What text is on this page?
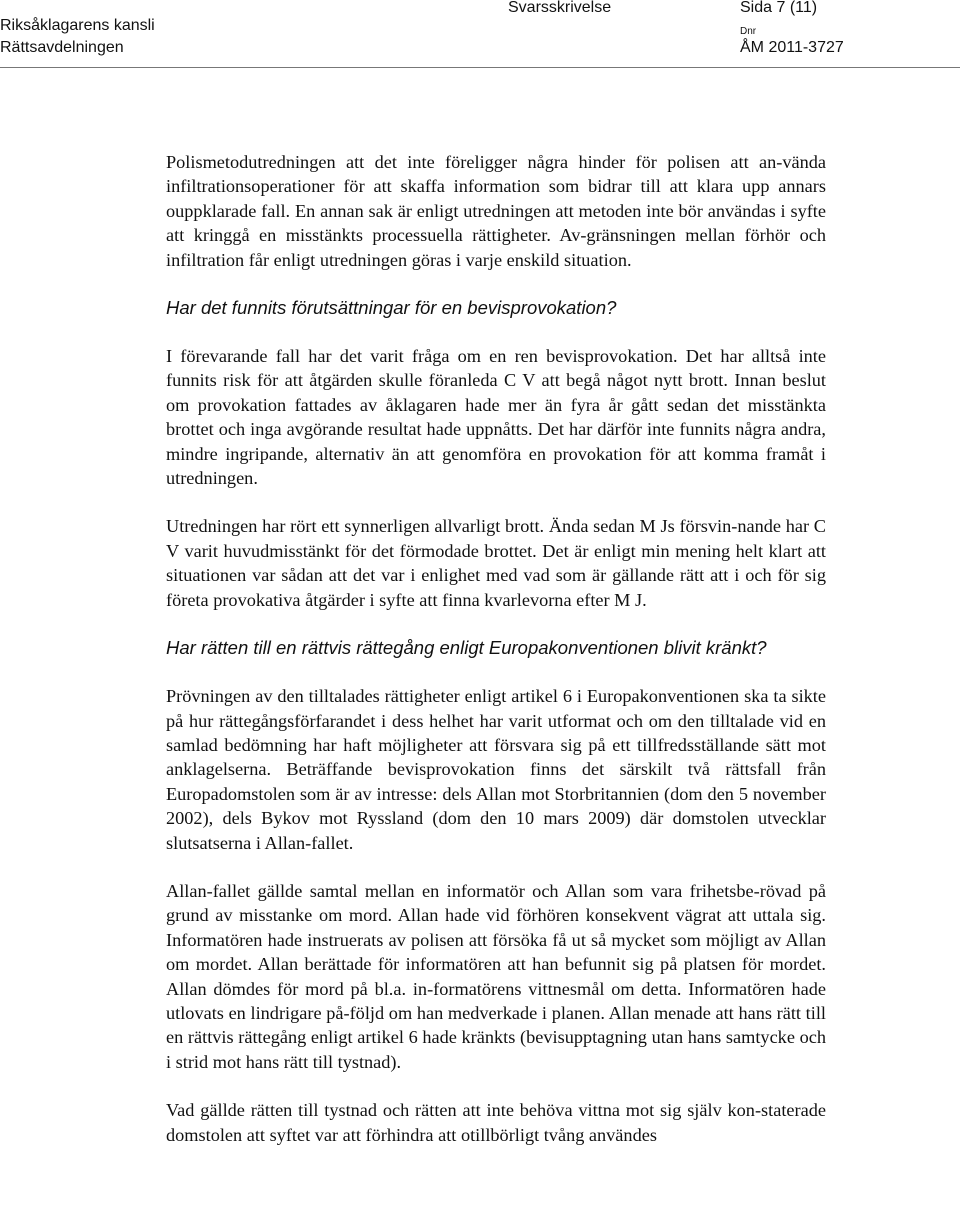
Riksåklagarens kansli
Rättsavdelningen
Svarsskrivelse	Sida 7 (11)
Dnr
ÅM 2011-3727

Polismetodutredningen att det inte föreligger några hinder för polisen att an-vända infiltrationsoperationer för att skaffa information som bidrar till att klara upp annars ouppklarade fall. En annan sak är enligt utredningen att metoden inte bör användas i syfte att kringgå en misstänkts processuella rättigheter. Av-gränsningen mellan förhör och infiltration får enligt utredningen göras i varje enskild situation.

Har det funnits förutsättningar för en bevisprovokation?

I förevarande fall har det varit fråga om en ren bevisprovokation. Det har alltså inte funnits risk för att åtgärden skulle föranleda C V att begå något nytt brott. Innan beslut om provokation fattades av åklagaren hade mer än fyra år gått sedan det misstänkta brottet och inga avgörande resultat hade uppnåtts. Det har därför inte funnits några andra, mindre ingripande, alternativ än att genomföra en provokation för att komma framåt i utredningen.

Utredningen har rört ett synnerligen allvarligt brott. Ända sedan M Js försvin-nande har C V varit huvudmisstänkt för det förmodade brottet. Det är enligt min mening helt klart att situationen var sådan att det var i enlighet med vad som är gällande rätt att i och för sig företa provokativa åtgärder i syfte att finna kvarlevorna efter M J.

Har rätten till en rättvis rättegång enligt Europakonventionen blivit kränkt?

Prövningen av den tilltalades rättigheter enligt artikel 6 i Europakonventionen ska ta sikte på hur rättegångsförfarandet i dess helhet har varit utformat och om den tilltalade vid en samlad bedömning har haft möjligheter att försvara sig på ett tillfredsställande sätt mot anklagelserna. Beträffande bevisprovokation finns det särskilt två rättsfall från Europadomstolen som är av intresse: dels Allan mot Storbritannien (dom den 5 november 2002), dels Bykov mot Ryssland (dom den 10 mars 2009) där domstolen utvecklar slutsatserna i Allan-fallet.

Allan-fallet gällde samtal mellan en informatör och Allan som vara frihetsbe-rövad på grund av misstanke om mord. Allan hade vid förhören konsekvent vägrat att uttala sig. Informatören hade instruerats av polisen att försöka få ut så mycket som möjligt av Allan om mordet. Allan berättade för informatören att han befunnit sig på platsen för mordet. Allan dömdes för mord på bl.a. in-formatörens vittnesmål om detta. Informatören hade utlovats en lindrigare på-följd om han medverkade i planen. Allan menade att hans rätt till en rättvis rättegång enligt artikel 6 hade kränkts (bevisupptagning utan hans samtycke och i strid mot hans rätt till tystnad).

Vad gällde rätten till tystnad och rätten att inte behöva vittna mot sig själv kon-staterade domstolen att syftet var att förhindra att otillbörligt tvång användes
